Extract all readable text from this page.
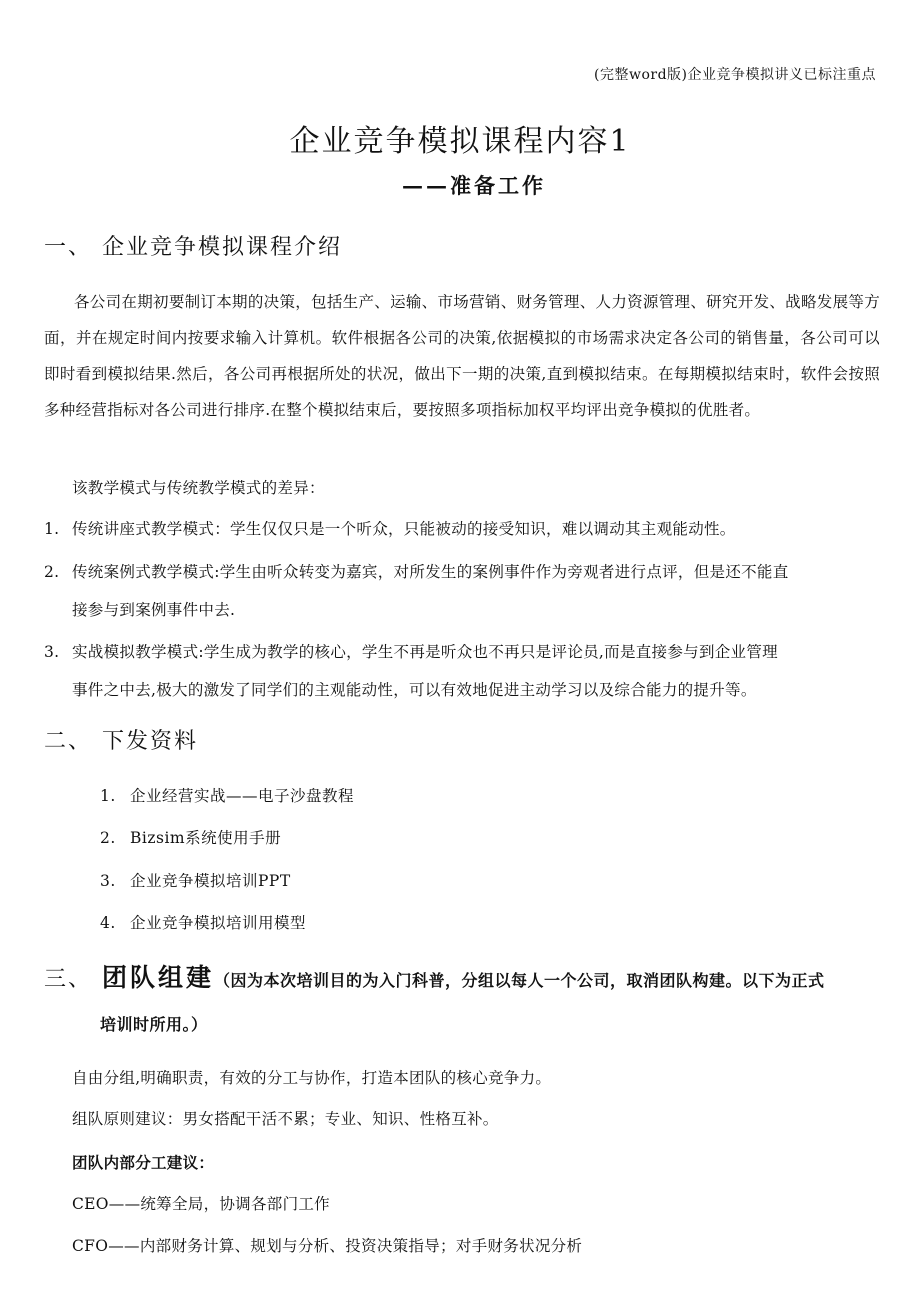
(完整word版)企业竞争模拟讲义已标注重点
企业竞争模拟课程内容1
——准备工作
一、 企业竞争模拟课程介绍
各公司在期初要制订本期的决策，包括生产、运输、市场营销、财务管理、人力资源管理、研究开发、战略发展等方面，并在规定时间内按要求输入计算机。软件根据各公司的决策,依据模拟的市场需求决定各公司的销售量，各公司可以即时看到模拟结果.然后，各公司再根据所处的状况，做出下一期的决策,直到模拟结束。在每期模拟结束时，软件会按照多种经营指标对各公司进行排序.在整个模拟结束后，要按照多项指标加权平均评出竞争模拟的优胜者。
该教学模式与传统教学模式的差异：
1. 传统讲座式教学模式：学生仅仅只是一个听众，只能被动的接受知识，难以调动其主观能动性。
2. 传统案例式教学模式:学生由听众转变为嘉宾，对所发生的案例事件作为旁观者进行点评，但是还不能直
接参与到案例事件中去.
3. 实战模拟教学模式:学生成为教学的核心，学生不再是听众也不再只是评论员,而是直接参与到企业管理
事件之中去,极大的激发了同学们的主观能动性，可以有效地促进主动学习以及综合能力的提升等。
二、 下发资料
1. 企业经营实战——电子沙盘教程
2. Bizsim系统使用手册
3. 企业竞争模拟培训PPT
4. 企业竞争模拟培训用模型
三、 团队组建（因为本次培训目的为入门科普，分组以每人一个公司，取消团队构建。以下为正式
培训时所用。）
自由分组,明确职责，有效的分工与协作，打造本团队的核心竞争力。
组队原则建议：男女搭配干活不累；专业、知识、性格互补。
团队内部分工建议：
CEO——统筹全局，协调各部门工作
CFO——内部财务计算、规划与分析、投资决策指导；对手财务状况分析
